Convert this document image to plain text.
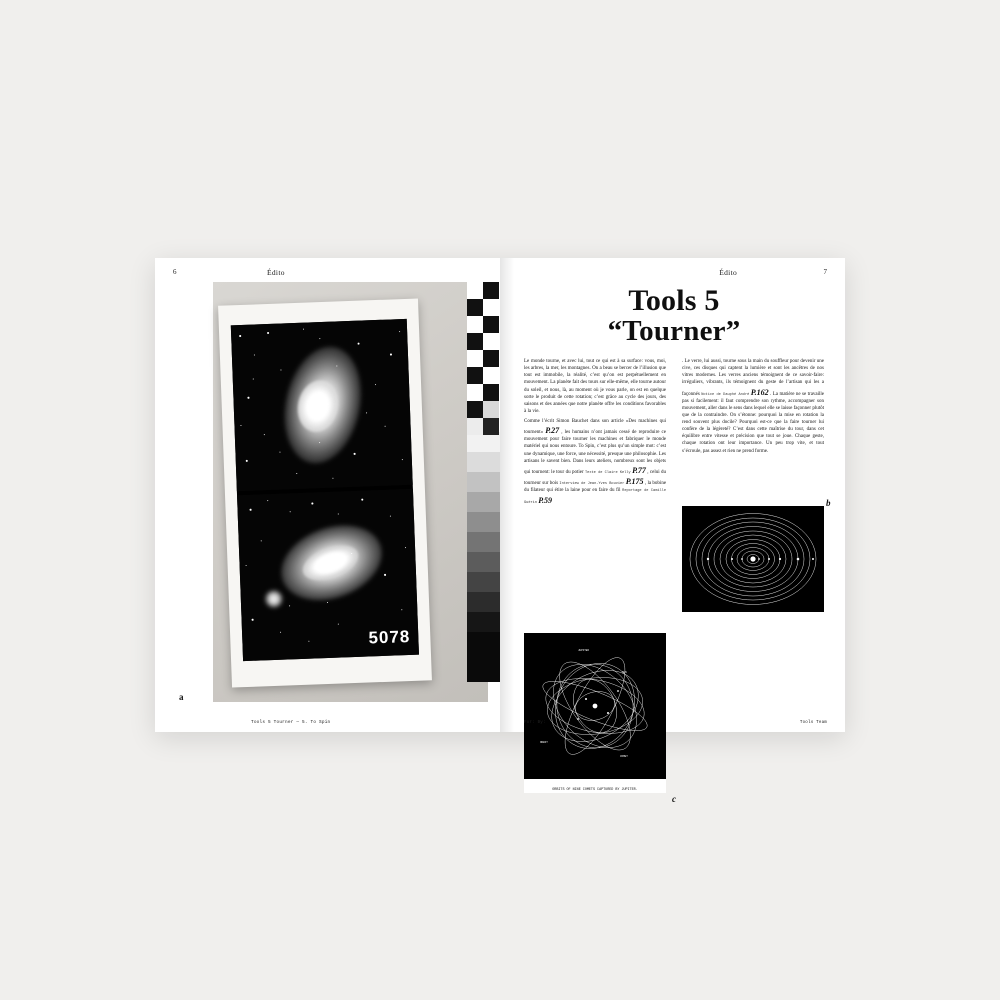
6	Édito
5078
a
Tools 5 Tourner — 5. To Spin
7
Édito
Tools 5
“Tourner”

Le monde tourne, et avec lui, tout ce qui est à sa surface: vous, moi, les arbres, la mer, les montagnes. On a beau se bercer de l’illusion que tout est immobile, la réalité, c’est qu’on est perpétuellement en mouvement. La planète fait des tours sur elle-même, elle tourne autour du soleil, et nous, là, au moment où je vous parle, on est en quelque sorte le produit de cette rotation; c’est grâce au cycle des jours, des saisons et des années que notre planète offre les conditions favorables à la vie.

Comme l’écrit Simon Bauchet dans son article «Des machines qui tournent» P.27 , les humains n’ont jamais cessé de reproduire ce mouvement pour faire tourner les machines et fabriquer le monde matériel qui nous entoure. To Spin, c’est plus qu’un simple mot: c’est une dynamique, une force, une nécessité, presque une philosophie. Les artisans le savent bien. Dans leurs ateliers, nombreux sont les objets qui tournent: le tour du potier Texte de Claire Kelly P.77 , celui du tourneur sur bois Interview de Jean-Yves Bouvier P.175 , la bobine du filateur qui étire la laine pour en faire du fil Reportage de Camille Guérin P.59

. Le verre, lui aussi, tourne sous la main du souffleur pour devenir une cive, ces disques qui captent la lumière et sont les ancêtres de nos vitres modernes. Les verres anciens témoignent de ce savoir-faire: irréguliers, vibrants, ils témoignent du geste de l’artisan qui les a façonnés Notice de Dauphé André P.162 . La matière ne se travaille pas si facilement: il faut comprendre son rythme, accompagner son mouvement, aller dans le sens dans lequel elle se laisse façonner plutôt que de la contraindre. On s’étonne: pourquoi la mise en rotation la rend souvent plus docile? Pourquoi est-ce que la faire tourner lui confère de la légèreté? C’est dans cette maîtrise du tour, dans cet équilibre entre vitesse et précision que tout se joue. Chaque geste, chaque rotation ont leur importance. Un peu trop vite, et tout s’écroule, pas assez et rien ne prend forme.

b
JUPITER
SUN
ORBIT
COMET
ORBITS OF NINE COMETS CAPTURED BY JUPITER.
c
For: By:	Tools Team
